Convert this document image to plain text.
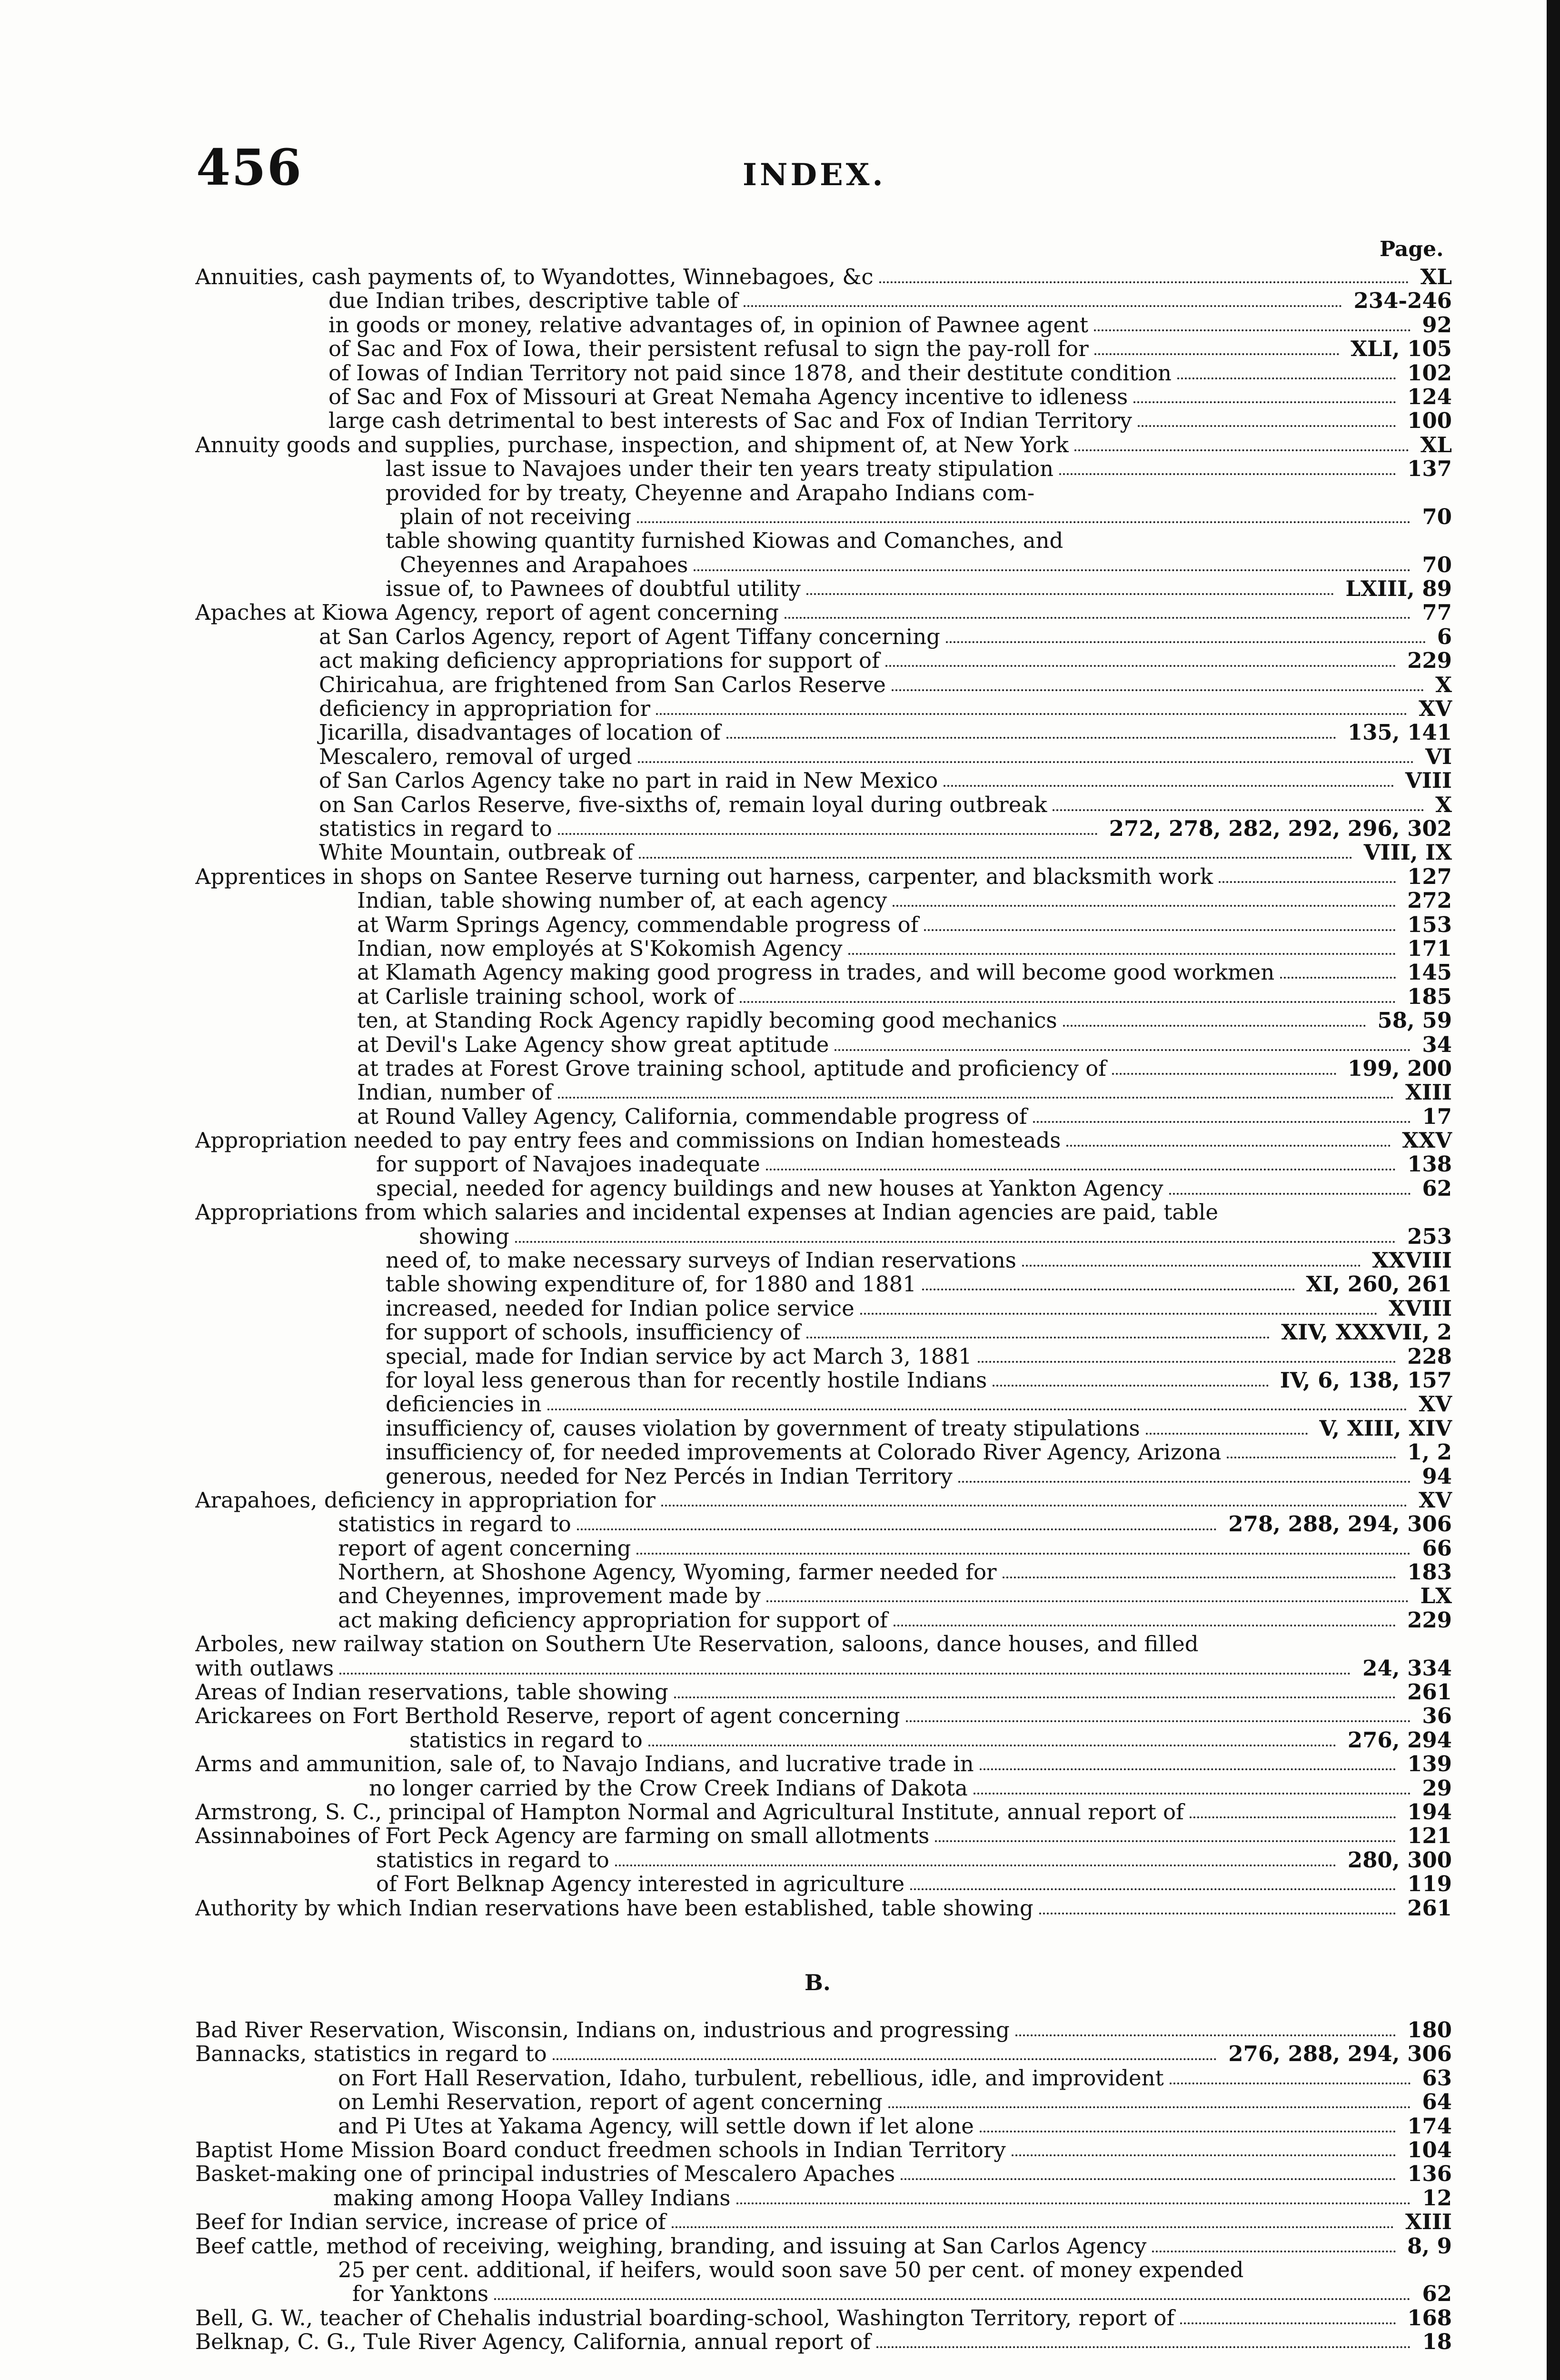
456	INDEX.
Page.
Annuities, cash payments of, to Wyandottes, Winnebagoes, &c	XL
due Indian tribes, descriptive table of	234-246
in goods or money, relative advantages of, in opinion of Pawnee agent	92
of Sac and Fox of Iowa, their persistent refusal to sign the pay-roll for	XLI, 105
of Iowas of Indian Territory not paid since 1878, and their destitute condition	102
of Sac and Fox of Missouri at Great Nemaha Agency incentive to idleness	124
large cash detrimental to best interests of Sac and Fox of Indian Territory	100
Annuity goods and supplies, purchase, inspection, and shipment of, at New York	XL
last issue to Navajoes under their ten years treaty stipulation	137
provided for by treaty, Cheyenne and Arapaho Indians com-
plain of not receiving	70
table showing quantity furnished Kiowas and Comanches, and
Cheyennes and Arapahoes	70
issue of, to Pawnees of doubtful utility	LXIII, 89
Apaches at Kiowa Agency, report of agent concerning	77
at San Carlos Agency, report of Agent Tiffany concerning	6
act making deficiency appropriations for support of	229
Chiricahua, are frightened from San Carlos Reserve	X
deficiency in appropriation for	XV
Jicarilla, disadvantages of location of	135, 141
Mescalero, removal of urged	VI
of San Carlos Agency take no part in raid in New Mexico	VIII
on San Carlos Reserve, five-sixths of, remain loyal during outbreak	X
statistics in regard to	272, 278, 282, 292, 296, 302
White Mountain, outbreak of	VIII, IX
Apprentices in shops on Santee Reserve turning out harness, carpenter, and blacksmith work	127
Indian, table showing number of, at each agency	272
at Warm Springs Agency, commendable progress of	153
Indian, now employés at S'Kokomish Agency	171
at Klamath Agency making good progress in trades, and will become good workmen	145
at Carlisle training school, work of	185
ten, at Standing Rock Agency rapidly becoming good mechanics	58, 59
at Devil's Lake Agency show great aptitude	34
at trades at Forest Grove training school, aptitude and proficiency of	199, 200
Indian, number of	XIII
at Round Valley Agency, California, commendable progress of	17
Appropriation needed to pay entry fees and commissions on Indian homesteads	XXV
for support of Navajoes inadequate	138
special, needed for agency buildings and new houses at Yankton Agency	62
Appropriations from which salaries and incidental expenses at Indian agencies are paid, table
showing	253
need of, to make necessary surveys of Indian reservations	XXVIII
table showing expenditure of, for 1880 and 1881	XI, 260, 261
increased, needed for Indian police service	XVIII
for support of schools, insufficiency of	XIV, XXXVII, 2
special, made for Indian service by act March 3, 1881	228
for loyal less generous than for recently hostile Indians	IV, 6, 138, 157
deficiencies in	XV
insufficiency of, causes violation by government of treaty stipulations	V, XIII, XIV
insufficiency of, for needed improvements at Colorado River Agency, Arizona	1, 2
generous, needed for Nez Percés in Indian Territory	94
Arapahoes, deficiency in appropriation for	XV
statistics in regard to	278, 288, 294, 306
report of agent concerning	66
Northern, at Shoshone Agency, Wyoming, farmer needed for	183
and Cheyennes, improvement made by	LX
act making deficiency appropriation for support of	229
Arboles, new railway station on Southern Ute Reservation, saloons, dance houses, and filled
with outlaws	24, 334
Areas of Indian reservations, table showing	261
Arickarees on Fort Berthold Reserve, report of agent concerning	36
statistics in regard to	276, 294
Arms and ammunition, sale of, to Navajo Indians, and lucrative trade in	139
no longer carried by the Crow Creek Indians of Dakota	29
Armstrong, S. C., principal of Hampton Normal and Agricultural Institute, annual report of	194
Assinnaboines of Fort Peck Agency are farming on small allotments	121
statistics in regard to	280, 300
of Fort Belknap Agency interested in agriculture	119
Authority by which Indian reservations have been established, table showing	261
B.
Bad River Reservation, Wisconsin, Indians on, industrious and progressing	180
Bannacks, statistics in regard to	276, 288, 294, 306
on Fort Hall Reservation, Idaho, turbulent, rebellious, idle, and improvident	63
on Lemhi Reservation, report of agent concerning	64
and Pi Utes at Yakama Agency, will settle down if let alone	174
Baptist Home Mission Board conduct freedmen schools in Indian Territory	104
Basket-making one of principal industries of Mescalero Apaches	136
making among Hoopa Valley Indians	12
Beef for Indian service, increase of price of	XIII
Beef cattle, method of receiving, weighing, branding, and issuing at San Carlos Agency	8, 9
25 per cent. additional, if heifers, would soon save 50 per cent. of money expended
for Yanktons	62
Bell, G. W., teacher of Chehalis industrial boarding-school, Washington Territory, report of	168
Belknap, C. G., Tule River Agency, California, annual report of	18
